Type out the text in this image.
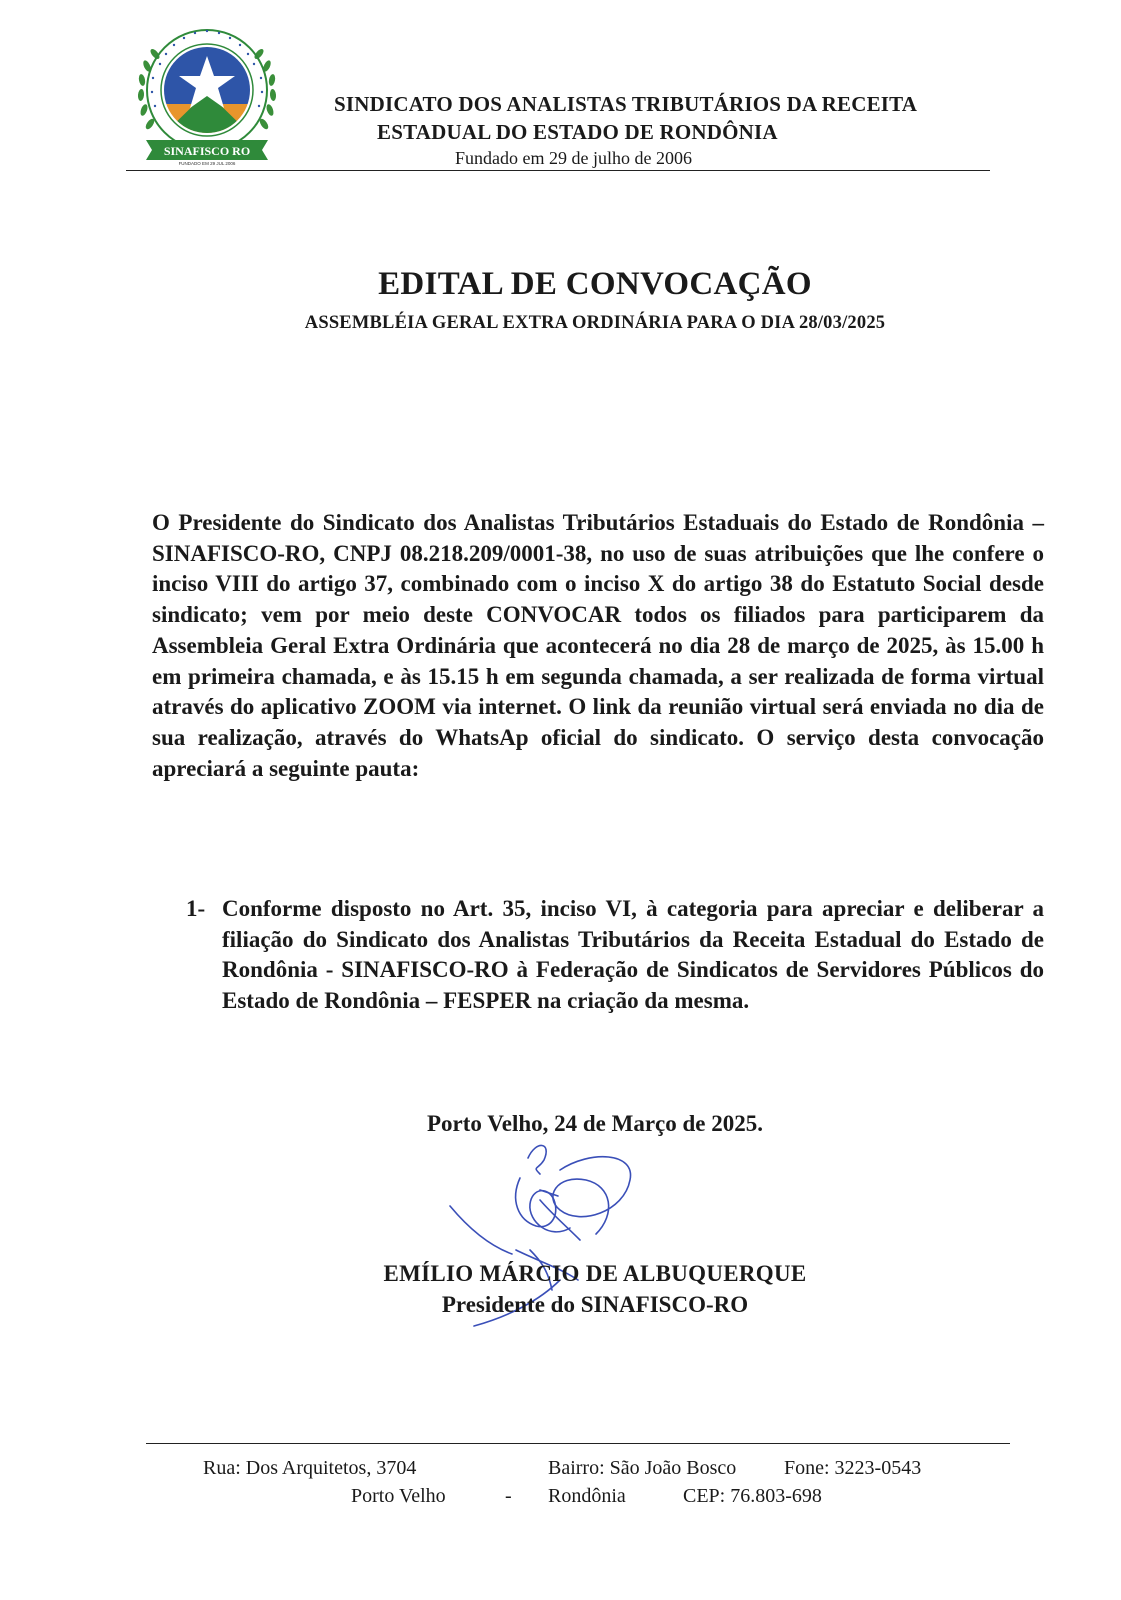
SINAFISCO RO
FUNDADO EM 29 JUL 2006
SINDICATO DOS ANALISTAS TRIBUTÁRIOS DA RECEITA
ESTADUAL DO ESTADO DE RONDÔNIA
Fundado em 29 de julho de 2006
EDITAL DE CONVOCAÇÃO
ASSEMBLÉIA GERAL EXTRA ORDINÁRIA PARA O DIA 28/03/2025
O Presidente do Sindicato dos Analistas Tributários Estaduais do Estado de Rondônia – SINAFISCO-RO, CNPJ 08.218.209/0001-38, no uso de suas atribuições que lhe confere o inciso VIII do artigo 37, combinado com o inciso X do artigo 38 do Estatuto Social desde sindicato; vem por meio deste CONVOCAR todos os filiados para participarem da Assembleia Geral Extra Ordinária que acontecerá no dia 28 de março de 2025, às 15.00 h em primeira chamada, e às 15.15 h em segunda chamada, a ser realizada de forma virtual através do aplicativo ZOOM via internet. O link da reunião virtual será enviada no dia de sua realização, através do WhatsAp oficial do sindicato. O serviço desta convocação apreciará a seguinte pauta:
1- Conforme disposto no Art. 35, inciso VI, à categoria para apreciar e deliberar a filiação do Sindicato dos Analistas Tributários da Receita Estadual do Estado de Rondônia - SINAFISCO-RO à Federação de Sindicatos de Servidores Públicos do Estado de Rondônia – FESPER na criação da mesma.
Porto Velho, 24 de Março de 2025.
EMÍLIO MÁRCIO DE ALBUQUERQUE
Presidente do SINAFISCO-RO
Rua: Dos Arquitetos, 3704	Bairro: São João Bosco Fone: 3223-0543
Porto Velho	- Rondônia	CEP: 76.803-698
